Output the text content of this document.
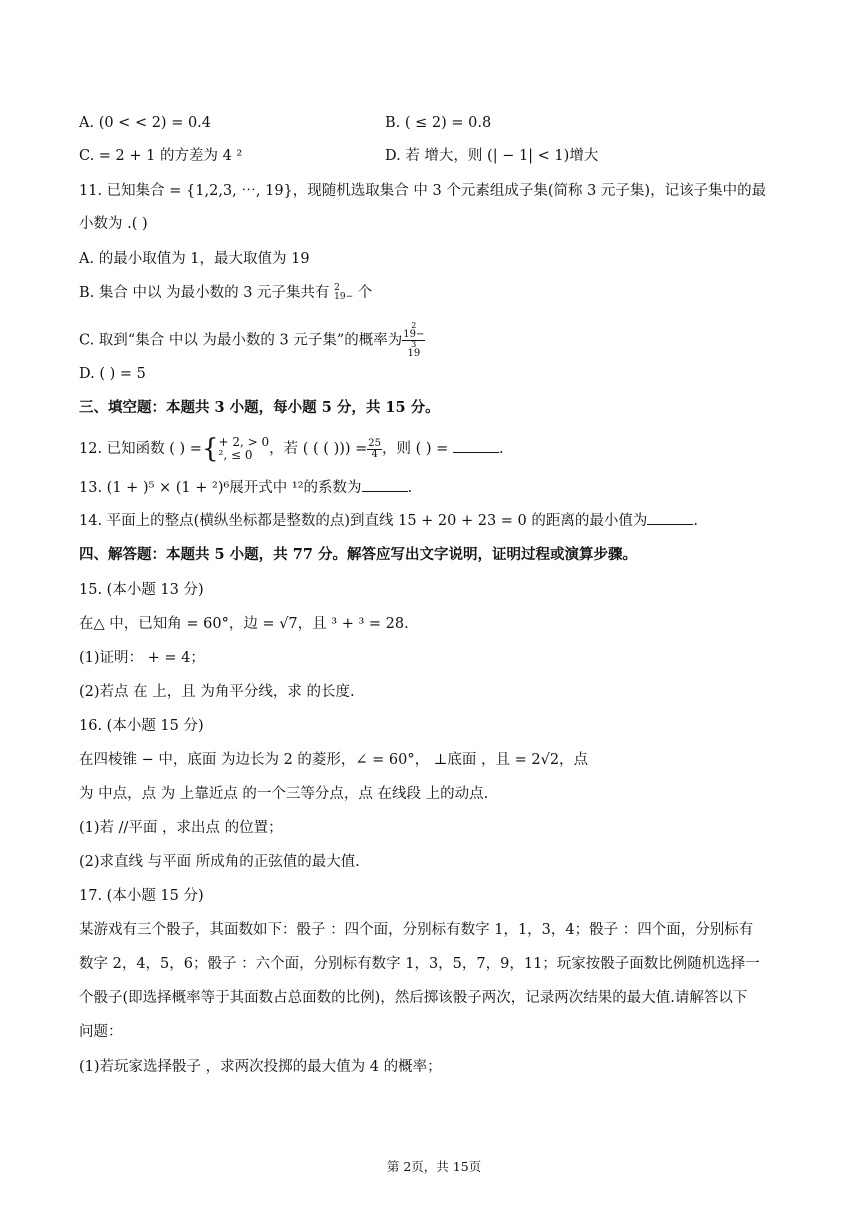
A. (0 < < 2) = 0.4	B. ( ≤ 2) = 0.8
C. = 2 + 1 的方差为 4 ²	D. 若 增大，则 (| − 1| < 1)增大
11. 已知集合 = {1,2,3, ⋯, 19}，现随机选取集合 中 3 个元素组成子集(简称 3 元子集)，记该子集中的最
小数为 .( )
A. 的最小取值为 1，最大取值为 19
B. 集合 中以 为最小数的 3 元子集共有 2
19− 个
C. 取到“集合 中以 为最小数的 3 元子集”的概率为 2
19−
3
19
D. ( ) = 5
三、填空题：本题共 3 小题，每小题 5 分，共 15 分。
12. 已知函数 ( ) ={ + 2, > 0
², ≤ 0	，若 ( ( ( ))) = $\frac{25}{4}$ ，则 ( ) =	.
13. (1 + )⁵ × (1 + ²)⁶展开式中 ¹²的系数为	.
14. 平面上的整点(横纵坐标都是整数的点)到直线 15 + 20 + 23 = 0 的距离的最小值为	.
四、解答题：本题共 5 小题，共 77 分。解答应写出文字说明，证明过程或演算步骤。
15. (本小题 13 分)
在△ 中，已知角 = 60°，边 = √7，且 ³ + ³ = 28.
(1)证明： + = 4；
(2)若点 在 上，且 为角平分线，求 的长度.
16. (本小题 15 分)
在四棱锥 − 中，底面 为边长为 2 的菱形，∠ = 60°， ⊥底面 ，且 = 2√2，点
为 中点，点 为 上靠近点 的一个三等分点，点 在线段 上的动点.
(1)若 //平面 ，求出点 的位置；
(2)求直线 与平面 所成角的正弦值的最大值.
17. (本小题 15 分)
某游戏有三个骰子，其面数如下：骰子 ：四个面，分别标有数字 1，1，3，4；骰子 ：四个面，分别标有
数字 2，4，5，6；骰子 ：六个面，分别标有数字 1，3，5，7，9，11；玩家按骰子面数比例随机选择一
个骰子(即选择概率等于其面数占总面数的比例)，然后掷该骰子两次，记录两次结果的最大值.请解答以下
问题：
(1)若玩家选择骰子 ，求两次投掷的最大值为 4 的概率；
第 2页，共 15页
